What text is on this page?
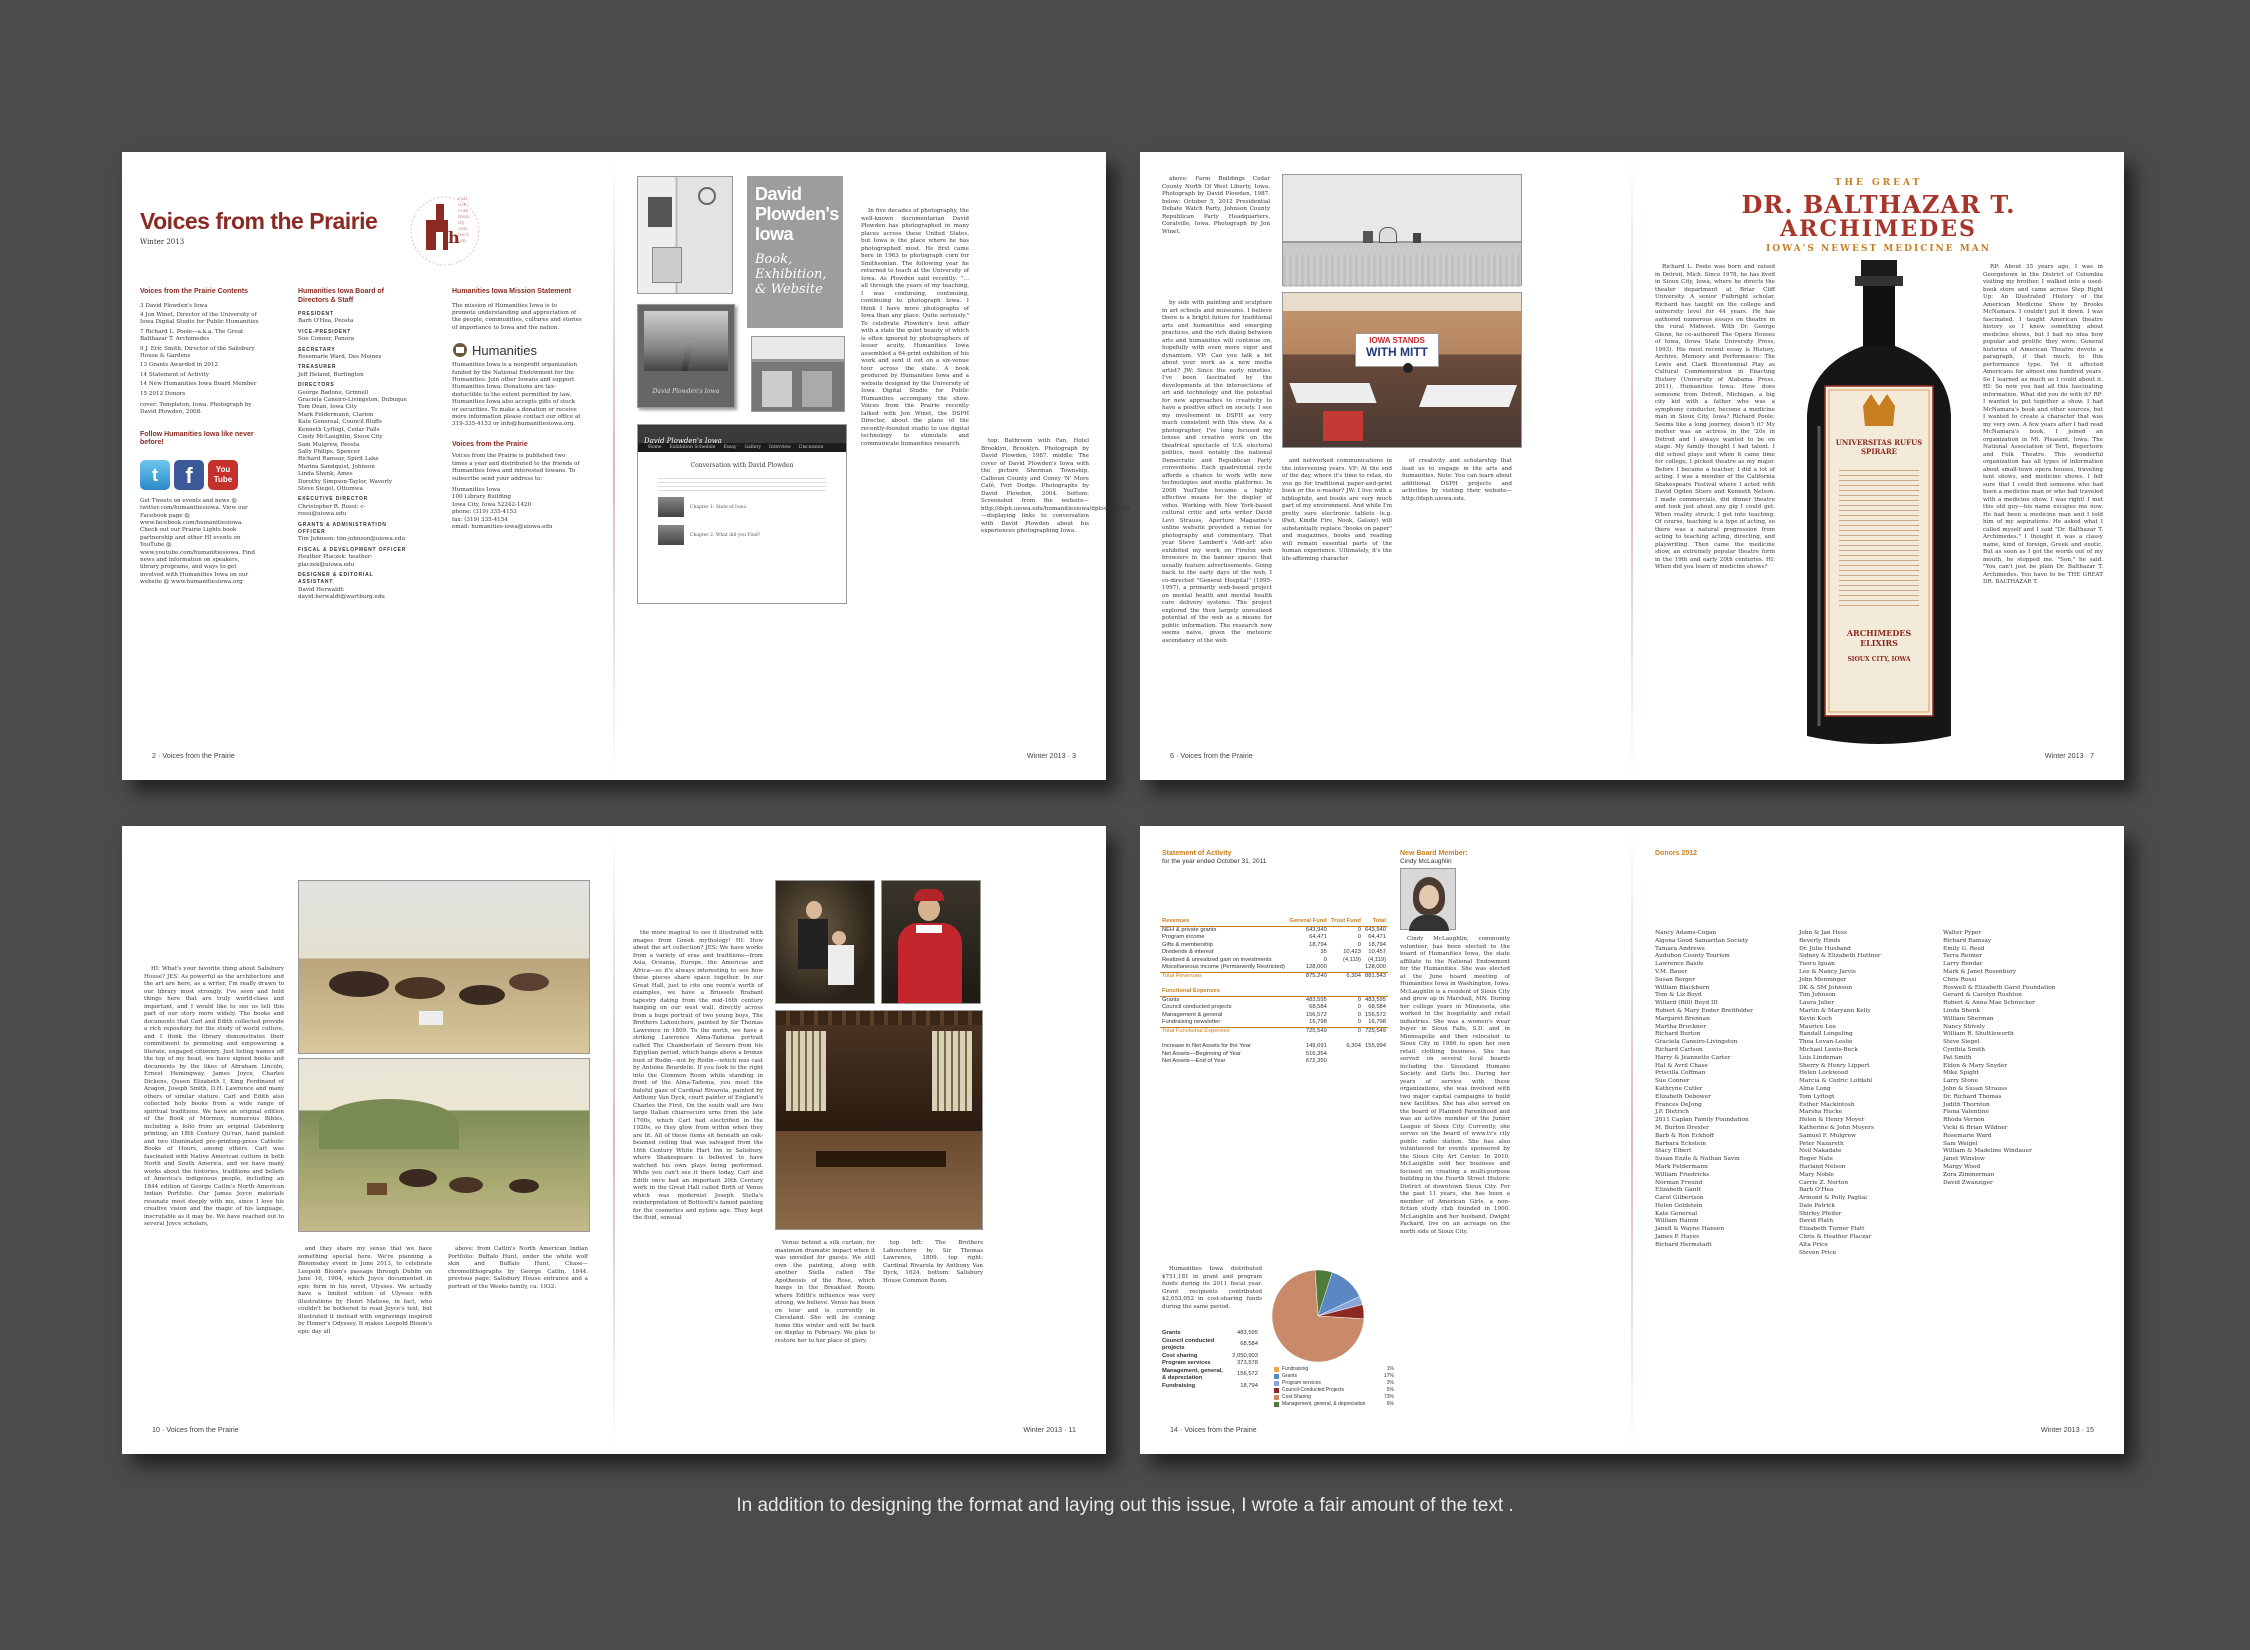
Voices from the Prairie
Winter 2013	h
culture · community · connection
Voices from the Prairie Contents
3 David Plowden's Iowa
4 Jon Winet, Director of the University of Iowa Digital Studio for Public Humanities
7 Richard L. Poole—a.k.a. The Great Balthazar T. Archimedes
9 J. Eric Smith, Director of the Salisbury House & Gardens
13 Grants Awarded in 2012
14 Statement of Activity
14 New Humanities Iowa Board Member
15 2012 Donors
cover: Templeton, Iowa. Photograph by David Plowden, 2008.
Follow Humanities Iowa like never before!
t	f	You
Tube
Get Tweets on events and news @ twitter.com/humanitiesiowa. View our Facebook page @ www.facebook.com/humanitiesiowa. Check out our Prairie Lights book partnership and other HI events on YouTube @ www.youtube.com/humanitiesiowa. Find news and information on speakers, library programs, and ways to get involved with Humanities Iowa on our website @ www.humanitiesiowa.org
Humanities Iowa Board of Directors & Staff
PRESIDENT
Barb O'Hea, Peosta
VICE-PRESIDENT
Sue Conner, Panora
SECRETARY
Rosemarie Ward, Des Moines
TREASURER
Jeff Heland, Burlington
DIRECTORS
George Badone, Grinnell
Graciela Caneiro-Livingston, Dubuque
Tom Dean, Iowa City
Mark Feldermann, Clarion
Kate Genereal, Council Bluffs
Kenneth Lyftogt, Cedar Falls
Cindy McLaughlin, Sioux City
Sam Mulgrew, Peosta
Sally Philips, Spencer
Richard Ramsay, Spirit Lake
Marina Sandquist, Johnson
Linda Shenk, Ames
Dorothy Simpson-Taylor, Waverly
Steve Siegel, Ottumwa
EXECUTIVE DIRECTOR
Christopher R. Rossi: c-rossi@uiowa.edu
GRANTS & ADMINISTRATION OFFICER
Tim Johnson: tim-johnson@uiowa.edu
FISCAL & DEVELOPMENT OFFICER
Heather Placzek: heather-placzek@uiowa.edu
DESIGNER & EDITORIAL ASSISTANT
David Herwaldt: david.herwaldt@wartburg.edu
Humanities Iowa Mission Statement
The mission of Humanities Iowa is to promote understanding and appreciation of the people, communities, cultures and stories of importance to Iowa and the nation.
Humanities
Humanities Iowa is a nonprofit organization funded by the National Endowment for the Humanities. Join other Iowans and support Humanities Iowa. Donations are tax-deductible to the extent permitted by law. Humanities Iowa also accepts gifts of stock or securities. To make a donation or receive more information please contact our office at 319-335-4153 or info@humanitiesiowa.org.
Voices from the Prairie
Voices from the Prairie is published two times a year and distributed to the friends of Humanities Iowa and interested Iowans. To subscribe send your address to:
Humanities Iowa
100 Library Building
Iowa City, Iowa 52242-1420
phone: (319) 335-4153
fax: (319) 335-4154
email: humanities-iowa@uiowa.edu
2 · Voices from the Prairie
David Plowden's Iowa
Book, Exhibition, & Website
David Plowden's Iowa
David Plowden's Iowa
Home Exhibition Schedule Essay Gallery Interview Discussion
Conversation with David Plowden
Chapter 1: State of Iowa
Chapter 2: What did you Find?

In five decades of photography, the well-known documentarian David Plowden has photographed in many places across these United States, but Iowa is the place where he has photographed most. He first came here in 1963 to photograph corn for Smithsonian. The following year he returned to teach at the University of Iowa. As Plowden said recently: "... all through the years of my teaching, I was continuing, continuing, continuing to photograph Iowa. I think I have more photographs of Iowa than any place. Quite seriously." To celebrate Plowden's love affair with a state the quiet beauty of which is often ignored by photographers of lesser acuity, Humanities Iowa assembled a 64-print exhibition of his work and sent it out on a six-venue tour across the state. A book produced by Humanities Iowa and a website designed by the University of Iowa Digital Studio for Public Humanities accompany the show. Voices from the Prairie recently talked with Jon Winet, the DSPH Director, about the plans of the recently-founded studio to use digital technology to stimulate and communicate humanities research.	top: Bathroom with Fan, Hotel Brooklyn, Brooklyn. Photograph by David Plowden, 1987. middle: The cover of David Plowden's Iowa with the picture Sherman Township, Calhoun County and Coney 'N' More Café, Fort Dodge. Photographs by David Plowden, 2004. bottom: Screenshot from the website—http://dsph.uiowa.edu/humanitiesiowa/dplowden/wp/—displaying links to conversation with David Plowden about his experiences photographing Iowa.

Winter 2013 · 3

above: Farm Buildings Cedar County North Of West Liberty, Iowa. Photograph by David Plowden, 1987. below: October 5, 2012 Presidential Debate Watch Party, Johnson County Republican Party Headquarters, Coralville, Iowa. Photograph by Jon Winet.

IOWA STANDS
WITH MITT

by side with painting and sculpture in art schools and museums. I believe there is a bright future for traditional arts and humanities and emerging practices, and the rich dialog between arts and humanities will continue on, hopefully with even more vigor and dynamism. VP: Can you talk a bit about your work as a new media artist? JW: Since the early nineties, I've been fascinated by the developments at the intersections of art and technology and the potential for new approaches to creativity to have a positive effect on society. I see my involvement in DSPH as very much consistent with this view. As a photographer, I've long focused my lenses and creative work on the theatrical spectacle of U.S. electoral politics, most notably the national Democratic and Republican Party conventions. Each quadrennial cycle affords a chance to work with new technologies and media platforms. In 2008 YouTube became a highly effective means for the display of video. Working with New York-based cultural critic and arts writer David Levi Strauss, Aperture Magazine's online website provided a venue for photography and commentary. That year Steve Lambert's 'Add-art' also exhibited my work on Firefox web browsers in the banner spaces that usually feature advertisements. Going back to the early days of the web, I co-directed "General Hospital" (1995-1997), a primarily web-based project on mental health and mental health care delivery systems. The project explored the then largely unrealized potential of the web as a means for public information. The research now seems naive, given the meteoric ascendancy of the web

and networked communications in the intervening years. VP: At the end of the day, where it's time to relax, do you go for traditional paper-and-print book or the e-reader? JW: I live with a bibliophile, and books are very much part of my environment. And while I'm pretty sure electronic tablets (e.g. iPad, Kindle Fire, Nook, Galaxy) will substantially replace "books on paper" and magazines, books and reading will remain essential parts of the human experience. Ultimately, it's the life-affirming character

of creativity and scholarship that lead us to engage in the arts and humanities. Note: You can learn about additional DSPH projects and activities by visiting their website—http://dsph.uiowa.edu.

6 · Voices from the Prairie
THE GREAT
DR. BALTHAZAR T.
ARCHIMEDES
IOWA'S NEWEST MEDICINE MAN

Richard L. Poole was born and raised in Detroit, Mich. Since 1978, he has lived in Sioux City, Iowa, where he directs the theater department at Briar Cliff University. A senior Fulbright scholar, Richard has taught on the college and university level for 44 years. He has authored numerous essays on theatre in the rural Midwest. With Dr. George Glenn, he co-authored The Opera Houses of Iowa, (Iowa State University Press, 1993). His most recent essay is History, Archive, Memory and Performance: The Lewis and Clark Bicentennial Play as Cultural Commemoration in Enacting History (University of Alabama Press, 2011). Humanities Iowa: How does someone from Detroit, Michigan, a big city kid with a father who was a symphony conductor, become a medicine man in Sioux City, Iowa? Richard Poole: Seems like a long journey, doesn't it? My mother was an actress in the '20s in Detroit and I always wanted to be on stage. My family thought I had talent. I did school plays and when it came time for college, I picked theatre as my major. Before I became a teacher, I did a lot of acting. I was a member of the California Shakespeare Festival where I acted with David Ogden Stiers and Kenneth Nelson. I made commercials, did dinner theatre and took just about any gig I could get. When reality struck, I got into teaching. Of course, teaching is a type of acting, so there was a natural progression from acting to teaching acting, directing, and playwriting. Then came the medicine show, an extremely popular theatre form in the 19th and early 20th centuries. HI: When did you learn of medicine shows?

UNIVERSITAS RUFUS SPIRARE
ARCHIMEDES ELIXIRS
SIOUX CITY, IOWA

RP: About 35 years ago, I was in Georgetown in the District of Columbia visiting my brother. I walked into a used-book store and came across Step Right Up: An Illustrated History of the American Medicine Show by Brooks McNamara. I couldn't put it down. I was fascinated. I taught American theatre history so I knew something about medicine shows, but I had no idea how popular and prolific they were. General histories of American Theatre devote a paragraph, if that much, to this performance type. Yet it affected Americans for almost one hundred years. So I learned as much as I could about it. HI: So now you had all this fascinating information. What did you do with it? RP: I wanted to put together a show. I had McNamara's book and other sources, but I wanted to create a character that was my very own. A few years after I had read McNamara's book, I joined an organization in Mt. Pleasant, Iowa: The National Association of Tent, Repertoire and Folk Theatre. This wonderful organization has all types of information about small-town opera houses, traveling tent shows, and medicine shows. I felt sure that I could find someone who had been a medicine man or who had traveled with a medicine show. I was right! I met this old guy—his name escapes me now. He had been a medicine man and I told him of my aspirations. He asked what I called myself and I said "Dr. Balthazar T. Archimedes." I thought it was a classy name, kind of foreign, Greek and exotic. But as soon as I got the words out of my mouth, he stopped me. "Son," he said. "You can't just be plain Dr. Balthazar T. Archimedes. You have to be THE GREAT DR. BALTHAZAR T.

Winter 2013 · 7

HI: What's your favorite thing about Salisbury House? JES: As powerful as the architecture and the art are here, as a writer, I'm really drawn to our library most strongly. I've seen and held things here that are truly world-class and important, and I would like to see us tell this part of our story more widely. The books and documents that Carl and Edith collected provide a rich repository for the study of world culture, and I think the library demonstrates their commitment to promoting and empowering a literate, engaged citizenry. Just listing names off the top of my head, we have signed books and documents by the likes of Abraham Lincoln, Ernest Hemingway, James Joyce, Charles Dickens, Queen Elizabeth I, King Ferdinand of Aragon, Joseph Smith, D.H. Lawrence and many others of similar stature. Carl and Edith also collected holy books from a wide range of spiritual traditions. We have an original edition of the Book of Mormon, numerous Bibles, including a folio from an original Gutenberg printing, an 18th Century Qu'ran, hand painted and two illuminated pre-printing-press Catholic Books of Hours, among others. Carl was fascinated with Native American culture in both North and South America, and we have many works about the histories, traditions and beliefs of America's indigenous people, including an 1844 edition of George Catlin's North American Indian Portfolio. Our James Joyce materials resonate most deeply with me, since I love his creative vision and the magic of his language, inscrutable as it may be. We have reached out to several Joyce scholars,

and they share my sense that we have something special here. We're planning a Bloomsday event in June 2013, to celebrate Leopold Bloom's passage through Dublin on June 16, 1904, which Joyce documented in epic form in his novel, Ulysses. We actually have a limited edition of Ulysses with illustrations by Henri Matisse, in fact, who couldn't be bothered to read Joyce's text, but illustrated it instead with engravings inspired by Homer's Odyssey. It makes Leopold Bloom's epic day all

above: from Catlin's North American Indian Portfolio: Buffalo Hunt, under the white wolf skin and Buffalo Hunt, Chase—chromolithographs by George Catlin, 1844. previous page: Salisbury House entrance and a portrait of the Weeks family, ca. 1932.

10 · Voices from the Prairie

the more magical to see it illustrated with images from Greek mythology! HI: How about the art collection? JES: We have works from a variety of eras and traditions—from Asia, Oceania, Europe, the Americas and Africa—so it's always interesting to see how these pieces share space together. In our Great Hall, just to cite one room's worth of examples, we have a Brussels Brabant tapestry dating from the mid-16th century hanging on our west wall, directly across from a huge portrait of two young boys, The Brothers Lahouchere, painted by Sir Thomas Lawrence in 1809. To the north, we have a striking Lawrence Alma-Tadema portrait called The Chamberlain of Severn from his Egyptian period, which hangs above a bronze bust of Rodin—not by Rodin—which was cast by Antoine Bourdelle. If you look to the right into the Common Room while standing in front of the Alma-Tadema, you meet the baleful gaze of Cardinal Rivarola, painted by Anthony Van Dyck, court painter of England's Charles the First. On the south wall are two large Italian chiaroscuro urns from the late 1700s, which Carl had electrified in the 1920s, so they glow from within when they are lit. All of these items sit beneath an oak-beamed ceiling that was salvaged from the 16th Century White Hart Inn in Salisbury, where Shakespeare is believed to have watched his own plays being performed. While you can't see it there today, Carl and Edith once had an important 20th Century work in the Great Hall called Birth of Venus which was modernist Joseph Stella's reinterpretation of Botticelli's famed painting for the cosmetics and nylons age. They kept the fluid, sensual

Venus behind a silk curtain, for maximum dramatic impact when it was unveiled for guests. We still own the painting, along with another Stella called The Apotheosis of the Rose, which hangs in the Breakfast Room, where Edith's influence was very strong, we believe. Venus has been on tour and is currently in Cleveland. She will be coming home this winter and will be back on display in February. We plan to restore her to her place of glory.

top left: The Brothers Lahouchere by Sir Thomas Lawrence, 1809. top right: Cardinal Rivarola by Anthony Van Dyck, 1624. bottom: Salisbury House Common Room.

Winter 2013 · 11
Statement of Activity
for the year ended October 31, 2011
Revenues	General Fund	Trust Fund	Total
NEH & private grants	643,940	0	643,940
Program income	64,471	0	64,471
Gifts & membership	18,794	0	18,794
Dividends & interest	35	10,423	10,457
Realized & unrealized gain on investments	0	(4,119)	(4,119)
Miscellaneous income (Permanently Restricted)	128,000		128,000
Total Revenues	875,240	6,304	881,543

Functional Expenses			
Grants	483,595	0	483,595
Council conducted projects	68,584	0	68,584
Management & general	156,572	0	156,572
Fundraising newsletter	16,798	0	16,798
Total Functional Expenses	725,549	0	725,549

Increase in Net Assets for the Year	149,691	6,304	155,994
Net Assets—Beginning of Year	516,354		
Net Assets—End of Year	672,350		

Humanities Iowa distributed $751,181 in grant and program funds during its 2011 fiscal year. Grant recipients contributed $2,053,052 in cost-sharing funds during the same period.

Grants	483,595
Council conducted projects	68,584
Cost sharing	2,050,903
Program services	373,578
Management, general, & depreciation	156,572
Fundraising	18,794
Fundraising	1%
Grants	17%
Program services	3%
Council-Conducted Projects	5%
Cost Sharing	73%
Management, general, & depreciation	6%
New Board Member:
Cindy McLaughlin

Cindy McLaughlin, community volunteer, has been elected to the board of Humanities Iowa, the state affiliate to the National Endowment for the Humanities. She was elected at the June board meeting of Humanities Iowa in Washington, Iowa. McLaughlin is a resident of Sioux City and grew up in Marshall, MN. During her college years in Minnesota, she worked in the hospitality and retail industries. She was a women's wear buyer in Sioux Falls, S.D. and in Minneapolis and then relocated to Sioux City in 1986 to open her own retail clothing business. She has served on several local boards including the Siouxland Humane Society and Girls Inc. During her years of service with these organizations, she was involved with two major capital campaigns to build new facilities. She has also served on the board of Planned Parenthood and was an active member of the Junior League of Sioux City. Currently, she serves on the board of www.tv's city public radio station. She has also volunteered for events sponsored by the Sioux City Art Center. In 2010, McLaughlin sold her business and focused on creating a multi-purpose building in the Fourth Street Historic District of downtown Sioux City. For the past 11 years, she has been a member of American Girls, a non-fiction study club founded in 1900. McLaughlin and her husband, Dwight Packard, live on an acreage on the north side of Sioux City.

14 · Voices from the Prairie
Donors 2012
Nancy Adams-Cogan
Algona Good Samaritan Society
Tamara Andrews
Audubon County Tourism
Lawrence Basile
V.M. Bauer
Susan Berger
William Blackburn
Tom & Liz Boyd
Willard (Bill) Boyd III
Robert & Mary Ender Breitfelder
Margaret Brennan
Martha Bruckner
Richard Burton
Graciela Caneiro-Livingston
Richard Carlson
Harry & Jeannette Carter
Hal & Avril Chase
Priscilla Coffman
Sue Conner
Kathryne Cutler
Elizabeth Debower
Frances DeJong
J.P. Dietrich
2011 Caplan Family Foundation
M. Burton Drexler
Barb & Ron Eckhoff
Barbara Eckstein
Stacy Elbert
Susan Enzle & Nathan Savin
Mark Feldermann
William Friedricks
Norman Freund
Elizabeth Gantt
Carol Gilbertson
Helen Goldstein
Kate Genereal
William Hamm
Janell & Wayne Hansen
James P. Hayes
Richard Hermstadt
John & Jan Hess
Beverly Hinds
Dr. Julie Husband
Sidney & Elizabeth Huttner
Yuoru Iguan
Lee & Nancy Jarvis
John Menninger
DK & SM Johnson
Tim Johnson
Laura Julier
Martin & Maryann Kelly
Kevin Koch
Maurice Lee
Randall Lengeling
Thea Levan-Leslie
Michael Lewis-Beck
Lois Lindeman
Sherry & Henry Lippert
Helen Lockwood
Marcia & Cedric Lofdahl
Alma Long
Tom Lyftogt
Esther Mackintosh
Marsha Hucke
Helen & Henry Moyer
Katherine & John Moyers
Samuel F. Mulgrew
Peter Nazareth
Neil Nakadate
Roger Nate
Harland Nelson
Mary Noble
Carrie Z. Norton
Barb O'Hea
Armond & Polly Pagliai
Dale Patrick
Shirley Pfeifer
David Plath
Elizabeth Turner Platt
Chris & Heather Placzar
Alta Price
Steven Price
Walter Pyper
Richard Ramsay
Emily G. Reed
Terra Reimer
Larry Rendar
Mark & Janet Rosenbury
Chris Rossi
Roswell & Elizabeth Garst Foundation
Gerard & Carolyn Rushton
Robert & Anna Mae Schnucker
Linda Shenk
William Sherman
Nancy Shively
William R. Shuttleworth
Steve Siegel
Cynthia Smith
Pat Smith
Eldon & Mary Snyder
Mike Spight
Larry Stone
John & Susan Strauss
Dr. Richard Thomas
Judith Thornton
Fiona Valentine
Rhoda Vernon
Vicki & Brian Wildner
Rosemarie Ward
Sam Weigel
William & Madeline Windauer
Janet Winslow
Margy Wood
Zora Zimmerman
David Zwanziger
Winter 2013 · 15
In addition to designing the format and laying out this issue, I wrote a fair amount of the text .
